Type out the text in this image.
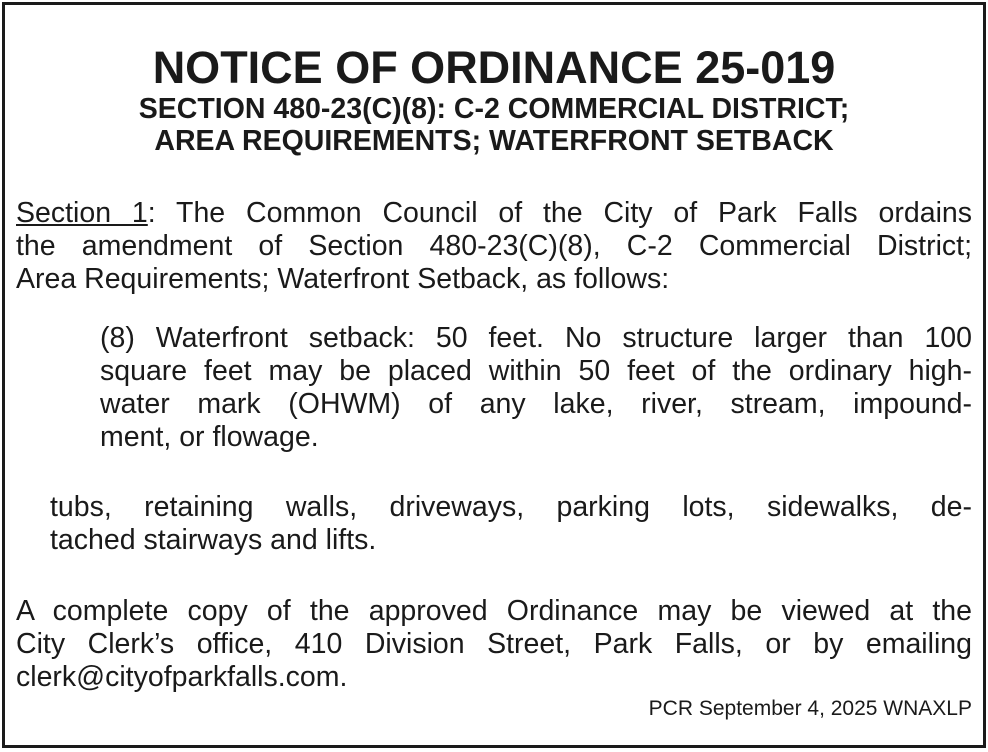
NOTICE OF ORDINANCE 25-019
SECTION 480-23(C)(8): C-2 COMMERCIAL DISTRICT;
AREA REQUIREMENTS; WATERFRONT SETBACK
Section 1: The Common Council of the City of Park Falls ordains
the amendment of Section 480-23(C)(8), C-2 Commercial District;
Area Requirements; Waterfront Setback, as follows:
(8) Waterfront setback: 50 feet. No structure larger than 100
square feet may be placed within 50 feet of the ordinary high-
water mark (OHWM) of any lake, river, stream, impound-
ment, or flowage.
tubs, retaining walls, driveways, parking lots, sidewalks, de-
tached stairways and lifts.
A complete copy of the approved Ordinance may be viewed at the
City Clerk’s office, 410 Division Street, Park Falls, or by emailing
clerk@cityofparkfalls.com.
PCR September 4, 2025 WNAXLP
